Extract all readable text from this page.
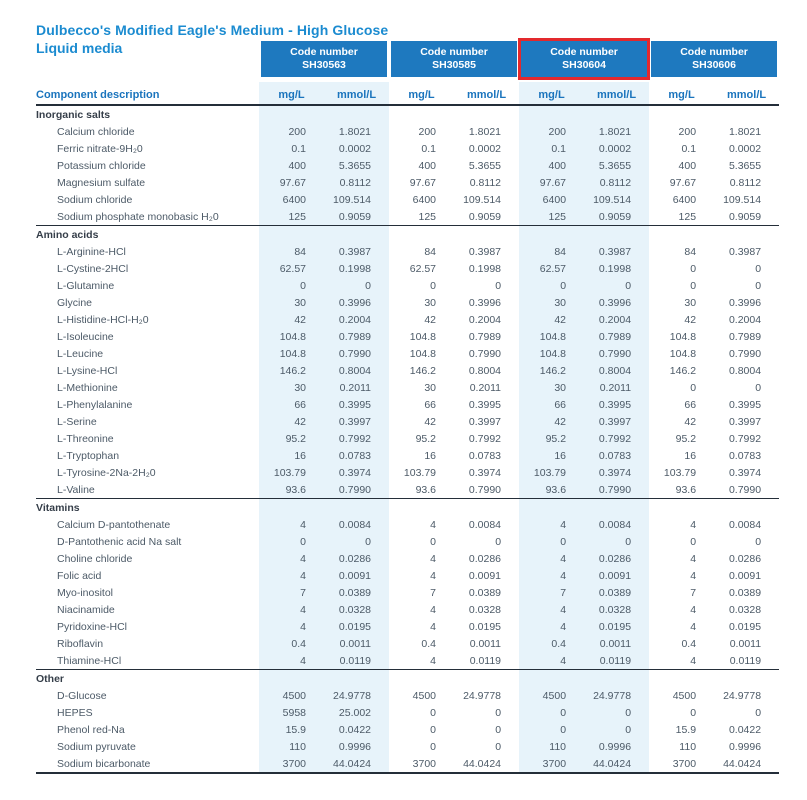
Dulbecco's Modified Eagle's Medium - High Glucose
Liquid media	Code number
SH30563		Code number
SH30585		Code number
SH30604		Code number
SH30606	

Component description	mg/L	mmol/L	mg/L	mmol/L	mg/L	mmol/L	mg/L	mmol/L
Inorganic salts								
Calcium chloride	200	1.8021	200	1.8021	200	1.8021	200	1.8021
Ferric nitrate-9H₂0	0.1	0.0002	0.1	0.0002	0.1	0.0002	0.1	0.0002
Potassium chloride	400	5.3655	400	5.3655	400	5.3655	400	5.3655
Magnesium sulfate	97.67	0.8112	97.67	0.8112	97.67	0.8112	97.67	0.8112
Sodium chloride	6400	109.514	6400	109.514	6400	109.514	6400	109.514
Sodium phosphate monobasic H₂0	125	0.9059	125	0.9059	125	0.9059	125	0.9059
Amino acids								
L-Arginine-HCl	84	0.3987	84	0.3987	84	0.3987	84	0.3987
L-Cystine-2HCl	62.57	0.1998	62.57	0.1998	62.57	0.1998	0	0
L-Glutamine	0	0	0	0	0	0	0	0
Glycine	30	0.3996	30	0.3996	30	0.3996	30	0.3996
L-Histidine-HCl-H₂0	42	0.2004	42	0.2004	42	0.2004	42	0.2004
L-Isoleucine	104.8	0.7989	104.8	0.7989	104.8	0.7989	104.8	0.7989
L-Leucine	104.8	0.7990	104.8	0.7990	104.8	0.7990	104.8	0.7990
L-Lysine-HCl	146.2	0.8004	146.2	0.8004	146.2	0.8004	146.2	0.8004
L-Methionine	30	0.2011	30	0.2011	30	0.2011	0	0
L-Phenylalanine	66	0.3995	66	0.3995	66	0.3995	66	0.3995
L-Serine	42	0.3997	42	0.3997	42	0.3997	42	0.3997
L-Threonine	95.2	0.7992	95.2	0.7992	95.2	0.7992	95.2	0.7992
L-Tryptophan	16	0.0783	16	0.0783	16	0.0783	16	0.0783
L-Tyrosine-2Na-2H₂0	103.79	0.3974	103.79	0.3974	103.79	0.3974	103.79	0.3974
L-Valine	93.6	0.7990	93.6	0.7990	93.6	0.7990	93.6	0.7990
Vitamins								
Calcium D-pantothenate	4	0.0084	4	0.0084	4	0.0084	4	0.0084
D-Pantothenic acid Na salt	0	0	0	0	0	0	0	0
Choline chloride	4	0.0286	4	0.0286	4	0.0286	4	0.0286
Folic acid	4	0.0091	4	0.0091	4	0.0091	4	0.0091
Myo-inositol	7	0.0389	7	0.0389	7	0.0389	7	0.0389
Niacinamide	4	0.0328	4	0.0328	4	0.0328	4	0.0328
Pyridoxine-HCl	4	0.0195	4	0.0195	4	0.0195	4	0.0195
Riboflavin	0.4	0.0011	0.4	0.0011	0.4	0.0011	0.4	0.0011
Thiamine-HCl	4	0.0119	4	0.0119	4	0.0119	4	0.0119
Other								
D-Glucose	4500	24.9778	4500	24.9778	4500	24.9778	4500	24.9778
HEPES	5958	25.002	0	0	0	0	0	0
Phenol red-Na	15.9	0.0422	0	0	0	0	15.9	0.0422
Sodium pyruvate	110	0.9996	0	0	110	0.9996	110	0.9996
Sodium bicarbonate	3700	44.0424	3700	44.0424	3700	44.0424	3700	44.0424
